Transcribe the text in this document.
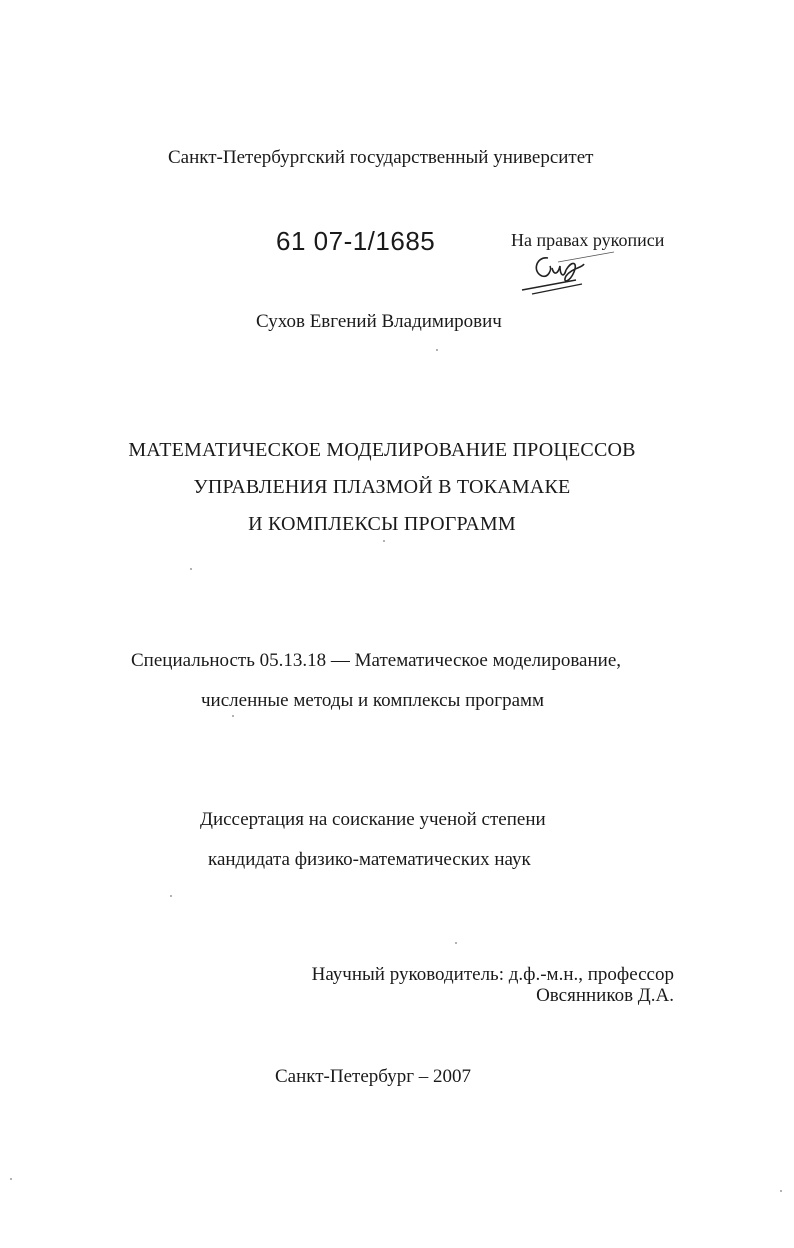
Санкт-Петербургский государственный университет
61 07-1/1685	На правах рукописи
Сухов Евгений Владимирович
МАТЕМАТИЧЕСКОЕ МОДЕЛИРОВАНИЕ ПРОЦЕССОВ
УПРАВЛЕНИЯ ПЛАЗМОЙ В ТОКАМАКЕ
И КОМПЛЕКСЫ ПРОГРАММ
Специальность 05.13.18 — Математическое моделирование,
численные методы и комплексы программ
Диссертация на соискание ученой степени
кандидата физико-математических наук
Научный руководитель: д.ф.-м.н., профессор
Овсянников Д.А.
Санкт-Петербург – 2007
